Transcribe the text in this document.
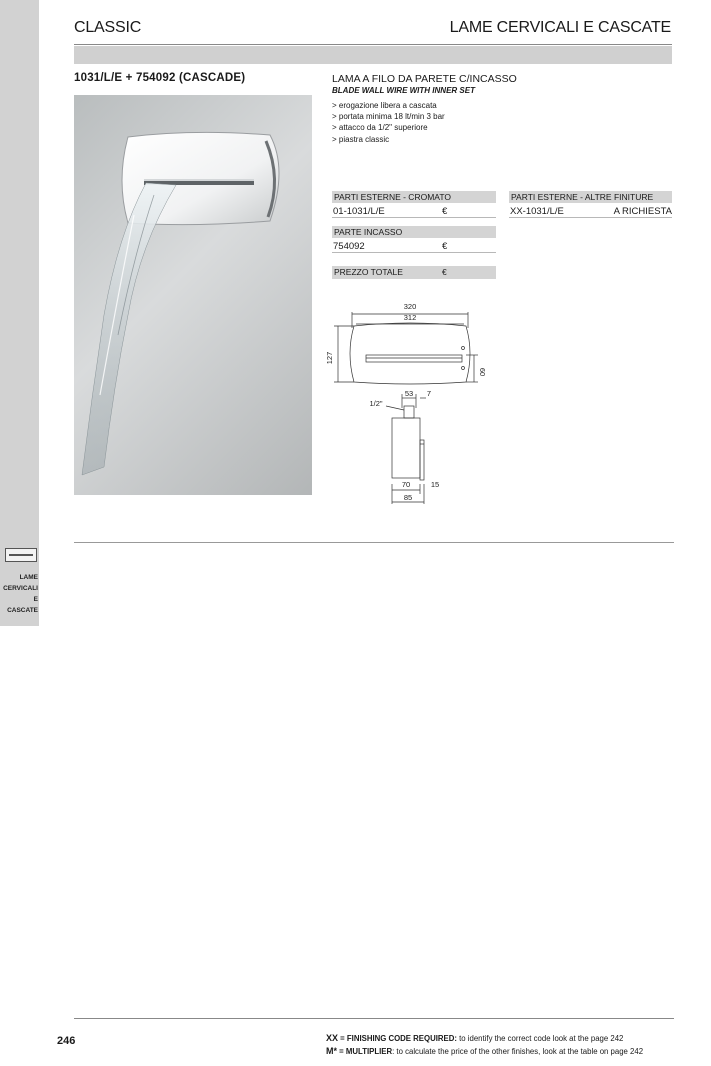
LAME
CERVICALI
E CASCATE
CLASSIC	LAME CERVICALI E CASCATE
1031/L/E + 754092 (CASCADE)	LAMA A FILO DA PARETE C/INCASSO
BLADE WALL WIRE WITH INNER SET
> erogazione libera a cascata
> portata minima 18 lt/min 3 bar
> attacco da 1/2" superiore
> piastra classic
PARTI ESTERNE - CROMATO
01-1031/L/E	€
PARTI ESTERNE - ALTRE FINITURE
XX-1031/L/E	A RICHIESTA
PARTE INCASSO
754092	€
PREZZO TOTALE	€
320
312
127
60
53 7
1/2"
70	15
85
246	XX = FINISHING CODE REQUIRED: to identify the correct code look at the page 242
M* = MULTIPLIER: to calculate the price of the other finishes, look at the table on page 242
